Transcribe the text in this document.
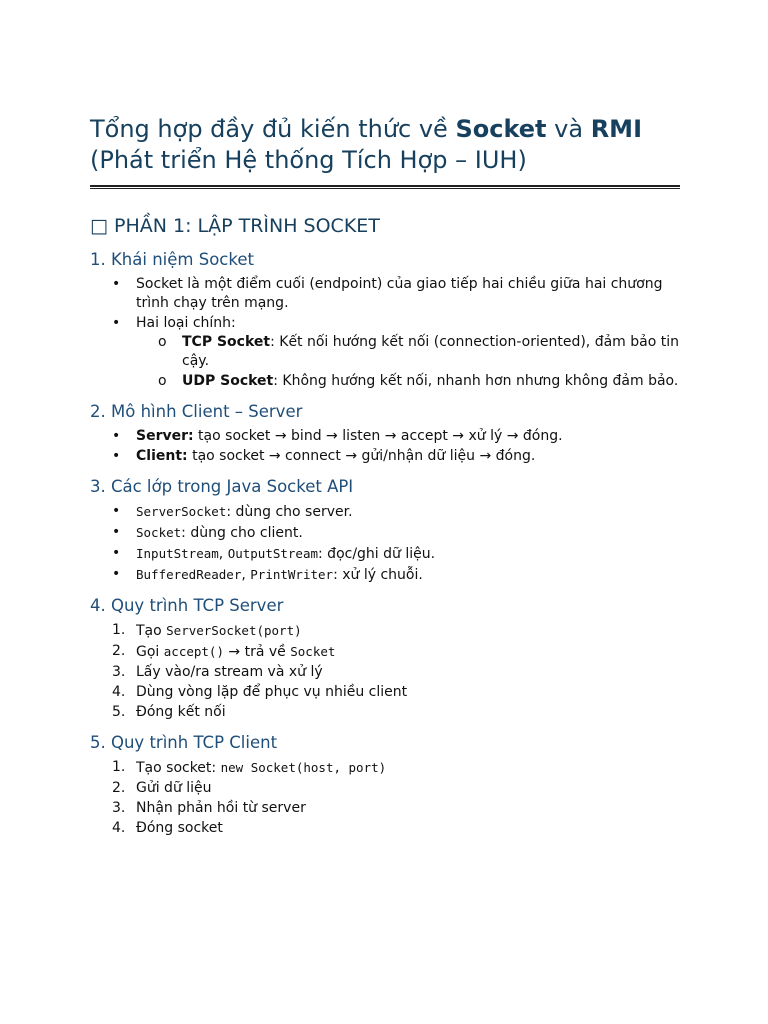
Tổng hợp đầy đủ kiến thức về Socket và RMI
(Phát triển Hệ thống Tích Hợp – IUH)
□ PHẦN 1: LẬP TRÌNH SOCKET
1. Khái niệm Socket
•	Socket là một điểm cuối (endpoint) của giao tiếp hai chiều giữa hai chương trình chạy trên mạng.
•	Hai loại chính:
o TCP Socket: Kết nối hướng kết nối (connection-oriented), đảm bảo tin cậy.
o UDP Socket: Không hướng kết nối, nhanh hơn nhưng không đảm bảo.
2. Mô hình Client – Server
•	Server: tạo socket → bind → listen → accept → xử lý → đóng.
•	Client: tạo socket → connect → gửi/nhận dữ liệu → đóng.
3. Các lớp trong Java Socket API
•	ServerSocket: dùng cho server.
•	Socket: dùng cho client.
•	InputStream, OutputStream: đọc/ghi dữ liệu.
•	BufferedReader, PrintWriter: xử lý chuỗi.
4. Quy trình TCP Server
1. Tạo ServerSocket(port)
2. Gọi accept() → trả về Socket
3. Lấy vào/ra stream và xử lý
4. Dùng vòng lặp để phục vụ nhiều client
5. Đóng kết nối
5. Quy trình TCP Client
1. Tạo socket: new Socket(host, port)
2. Gửi dữ liệu
3. Nhận phản hồi từ server
4. Đóng socket
